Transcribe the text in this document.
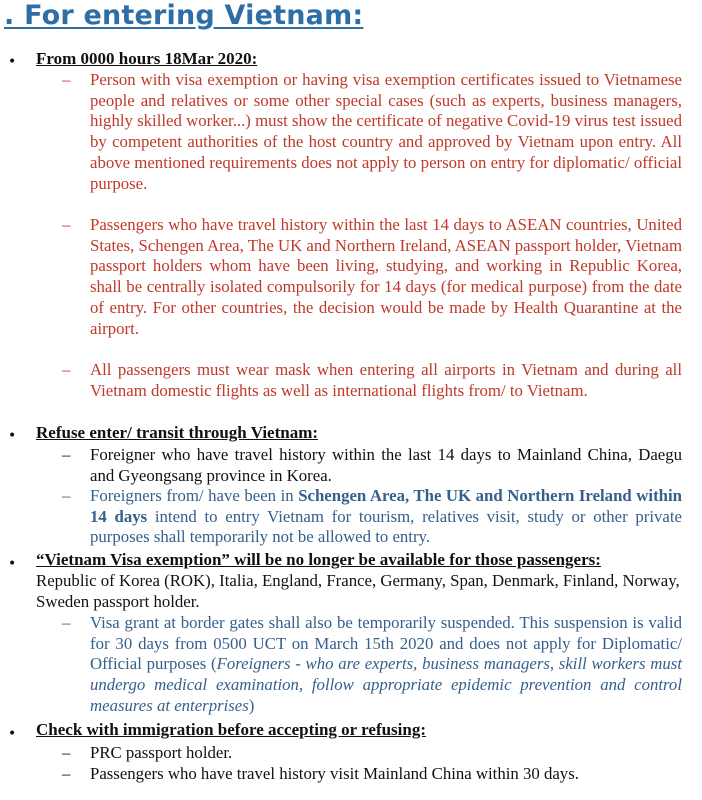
. For entering Vietnam:
• From 0000 hours 18Mar 2020:
– Person with visa exemption or having visa exemption certificates issued to Vietnamese people and relatives or some other special cases (such as experts, business managers, highly skilled worker...) must show the certificate of negative Covid-19 virus test issued by competent authorities of the host country and approved by Vietnam upon entry. All above mentioned requirements does not apply to person on entry for diplomatic/ official purpose.
– Passengers who have travel history within the last 14 days to ASEAN countries, United States, Schengen Area, The UK and Northern Ireland, ASEAN passport holder, Vietnam passport holders whom have been living, studying, and working in Republic Korea, shall be centrally isolated compulsorily for 14 days (for medical purpose) from the date of entry. For other countries, the decision would be made by Health Quarantine at the airport.
– All passengers must wear mask when entering all airports in Vietnam and during all Vietnam domestic flights as well as international flights from/ to Vietnam.
• Refuse enter/ transit through Vietnam:
– Foreigner who have travel history within the last 14 days to Mainland China, Daegu and Gyeongsang province in Korea.
– Foreigners from/ have been in Schengen Area, The UK and Northern Ireland within 14 days intend to entry Vietnam for tourism, relatives visit, study or other private purposes shall temporarily not be allowed to entry.
• “Vietnam Visa exemption” will be no longer be available for those passengers:
Republic of Korea (ROK), Italia, England, France, Germany, Span, Denmark, Finland, Norway, Sweden passport holder.
– Visa grant at border gates shall also be temporarily suspended. This suspension is valid for 30 days from 0500 UCT on March 15th 2020 and does not apply for Diplomatic/ Official purposes (Foreigners - who are experts, business managers, skill workers must undergo medical examination, follow appropriate epidemic prevention and control measures at enterprises)
• Check with immigration before accepting or refusing:
– PRC passport holder.
– Passengers who have travel history visit Mainland China within 30 days.
